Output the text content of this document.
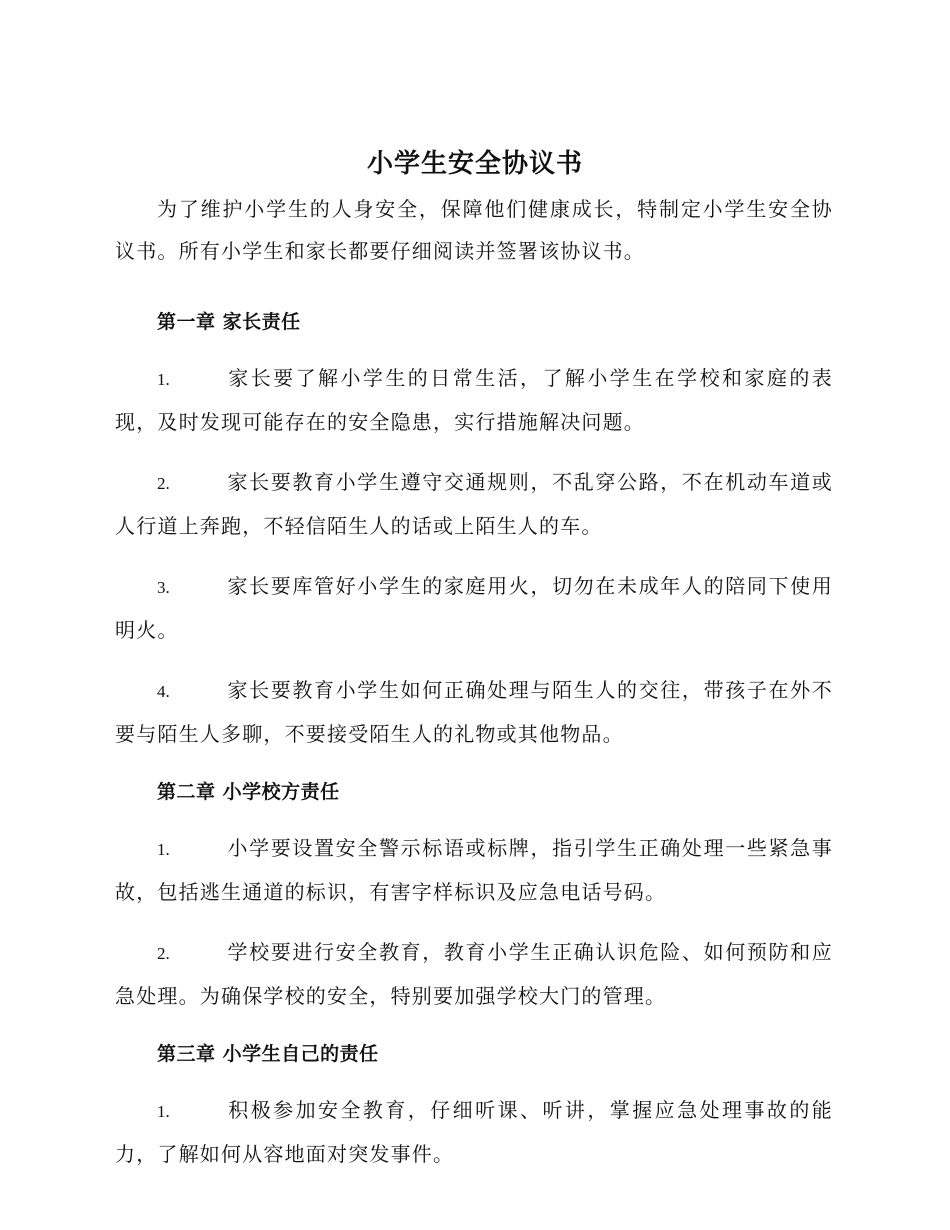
小学生安全协议书

为了维护小学生的人身安全，保障他们健康成长，特制定小学生安全协议书。所有小学生和家长都要仔细阅读并签署该协议书。

第一章 家长责任

1.	家长要了解小学生的日常生活，了解小学生在学校和家庭的表现，及时发现可能存在的安全隐患，实行措施解决问题。

2.	家长要教育小学生遵守交通规则，不乱穿公路，不在机动车道或人行道上奔跑，不轻信陌生人的话或上陌生人的车。

3.	家长要库管好小学生的家庭用火，切勿在未成年人的陪同下使用明火。

4.	家长要教育小学生如何正确处理与陌生人的交往，带孩子在外不要与陌生人多聊，不要接受陌生人的礼物或其他物品。

第二章 小学校方责任

1.	小学要设置安全警示标语或标牌，指引学生正确处理一些紧急事故，包括逃生通道的标识，有害字样标识及应急电话号码。

2.	学校要进行安全教育，教育小学生正确认识危险、如何预防和应急处理。为确保学校的安全，特别要加强学校大门的管理。

第三章 小学生自己的责任

1.	积极参加安全教育，仔细听课、听讲，掌握应急处理事故的能力，了解如何从容地面对突发事件。
